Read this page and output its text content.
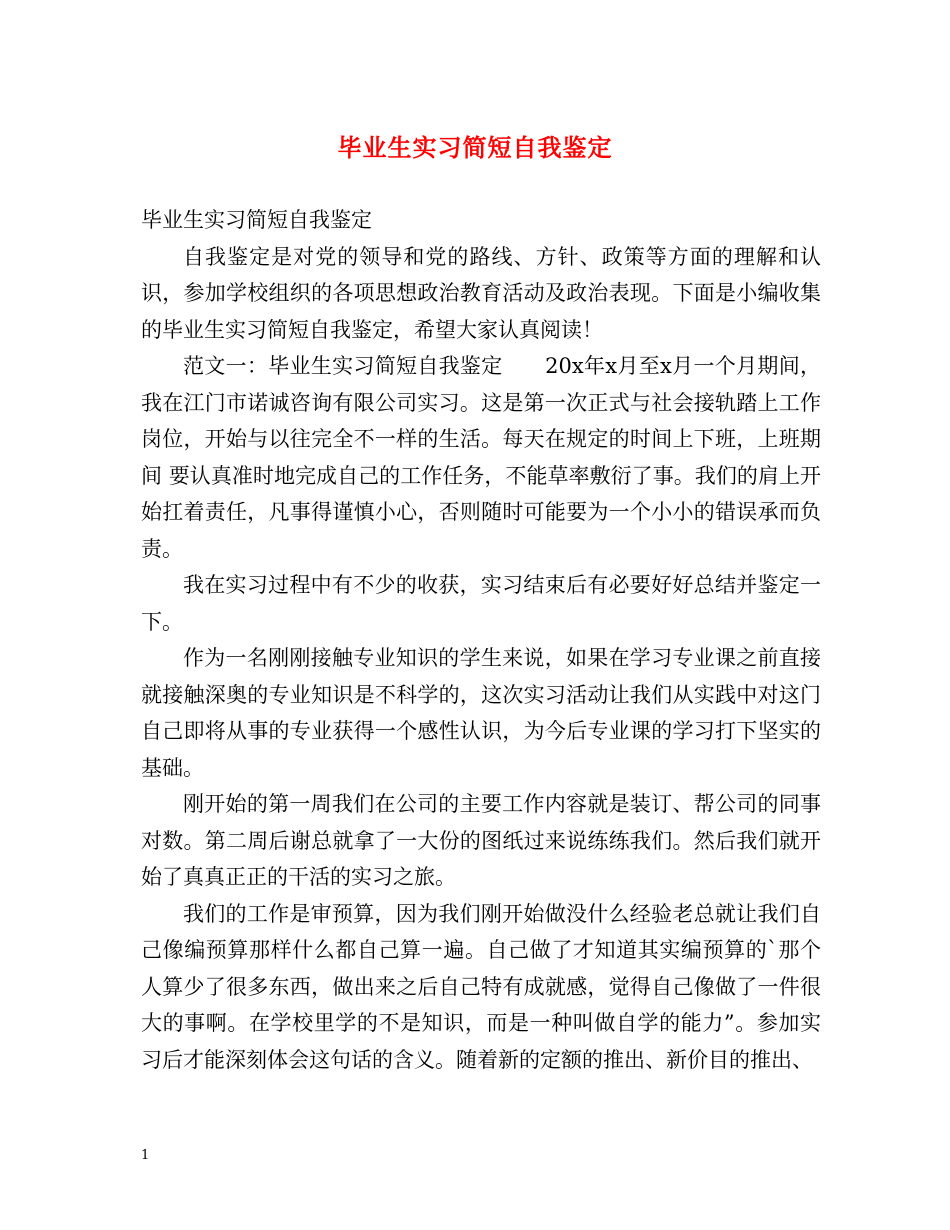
毕业生实习简短自我鉴定

毕业生实习简短自我鉴定

自我鉴定是对党的领导和党的路线、方针、政策等方面的理解和认识，参加学校组织的各项思想政治教育活动及政治表现。下面是小编收集的毕业生实习简短自我鉴定，希望大家认真阅读！

范文一：毕业生实习简短自我鉴定　　20x年x月至x月一个月期间，我在江门市诺诚咨询有限公司实习。这是第一次正式与社会接轨踏上工作岗位，开始与以往完全不一样的生活。每天在规定的时间上下班，上班期间 要认真准时地完成自己的工作任务，不能草率敷衍了事。我们的肩上开始扛着责任，凡事得谨慎小心，否则随时可能要为一个小小的错误承而负责。

我在实习过程中有不少的收获，实习结束后有必要好好总结并鉴定一下。

作为一名刚刚接触专业知识的学生来说，如果在学习专业课之前直接就接触深奥的专业知识是不科学的，这次实习活动让我们从实践中对这门自己即将从事的专业获得一个感性认识，为今后专业课的学习打下坚实的基础。

刚开始的第一周我们在公司的主要工作内容就是装订、帮公司的同事对数。第二周后谢总就拿了一大份的图纸过来说练练我们。然后我们就开始了真真正正的干活的实习之旅。

我们的工作是审预算，因为我们刚开始做没什么经验老总就让我们自己像编预算那样什么都自己算一遍。自己做了才知道其实编预算的`那个人算少了很多东西，做出来之后自己特有成就感，觉得自己像做了一件很大的事啊。在学校里学的不是知识，而是一种叫做自学的能力”。参加实习后才能深刻体会这句话的含义。随着新的定额的推出、新价目的推出、

1
